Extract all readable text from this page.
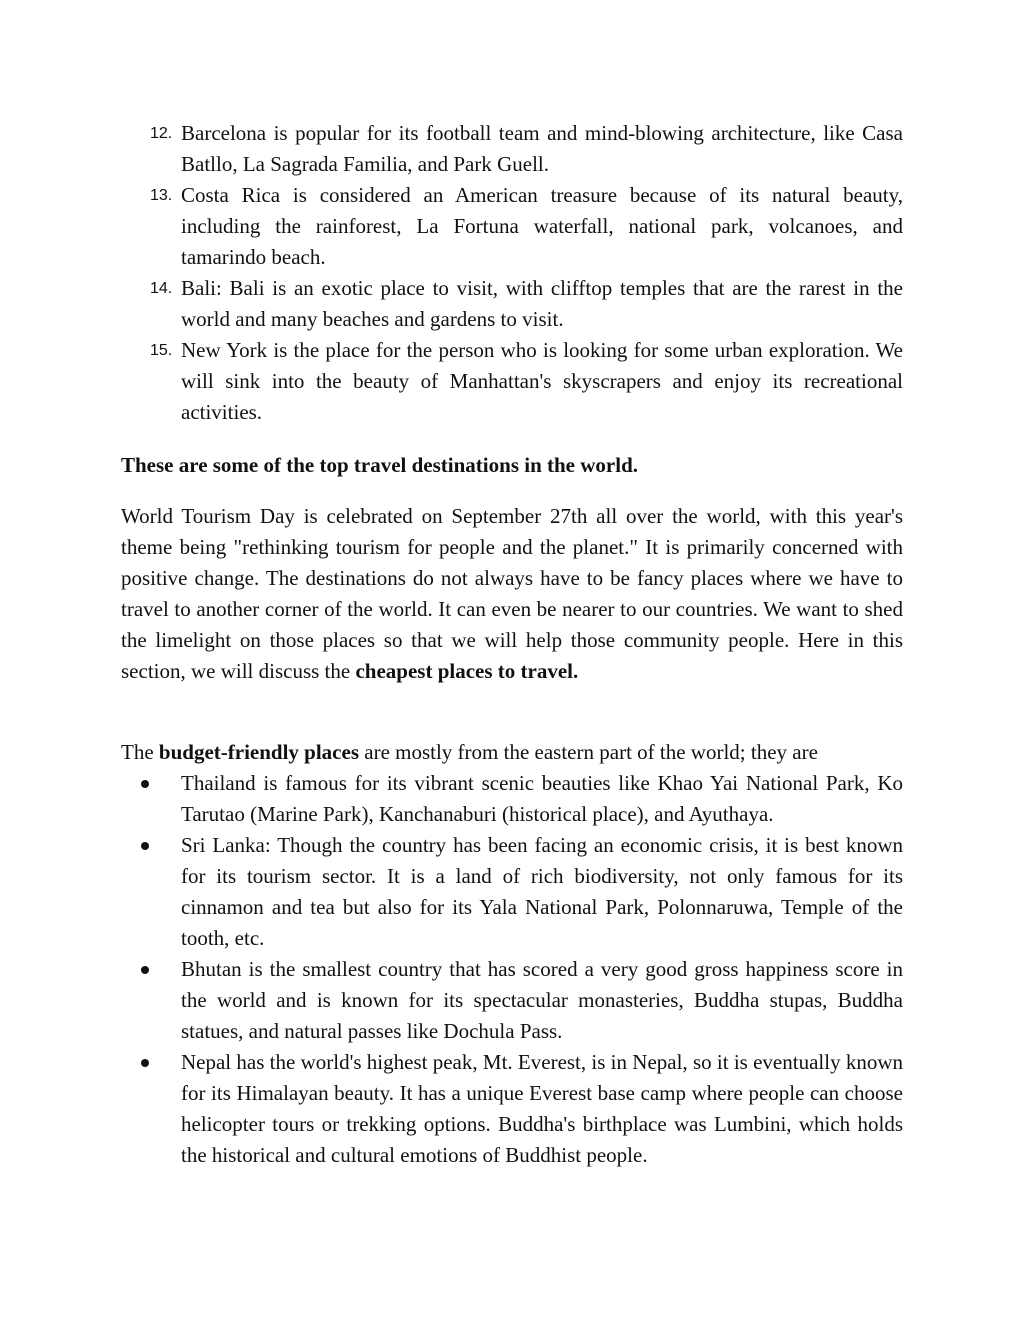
12. Barcelona is popular for its football team and mind-blowing architecture, like Casa Batllo, La Sagrada Familia, and Park Guell.
13. Costa Rica is considered an American treasure because of its natural beauty, including the rainforest, La Fortuna waterfall, national park, volcanoes, and tamarindo beach.
14. Bali: Bali is an exotic place to visit, with clifftop temples that are the rarest in the world and many beaches and gardens to visit.
15. New York is the place for the person who is looking for some urban exploration. We will sink into the beauty of Manhattan's skyscrapers and enjoy its recreational activities.
These are some of the top travel destinations in the world.
World Tourism Day is celebrated on September 27th all over the world, with this year's theme being "rethinking tourism for people and the planet." It is primarily concerned with positive change. The destinations do not always have to be fancy places where we have to travel to another corner of the world. It can even be nearer to our countries. We want to shed the limelight on those places so that we will help those community people. Here in this section, we will discuss the cheapest places to travel.
The budget-friendly places are mostly from the eastern part of the world; they are
Thailand is famous for its vibrant scenic beauties like Khao Yai National Park, Ko Tarutao (Marine Park), Kanchanaburi (historical place), and Ayuthaya.
Sri Lanka: Though the country has been facing an economic crisis, it is best known for its tourism sector. It is a land of rich biodiversity, not only famous for its cinnamon and tea but also for its Yala National Park, Polonnaruwa, Temple of the tooth, etc.
Bhutan is the smallest country that has scored a very good gross happiness score in the world and is known for its spectacular monasteries, Buddha stupas, Buddha statues, and natural passes like Dochula Pass.
Nepal has the world's highest peak, Mt. Everest, is in Nepal, so it is eventually known for its Himalayan beauty. It has a unique Everest base camp where people can choose helicopter tours or trekking options. Buddha's birthplace was Lumbini, which holds the historical and cultural emotions of Buddhist people.
